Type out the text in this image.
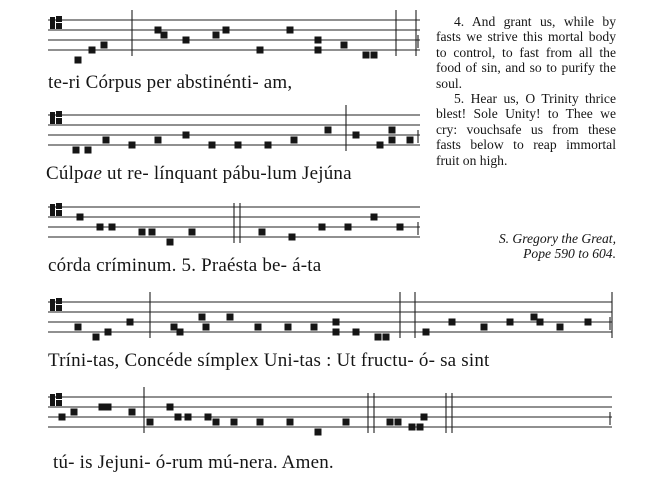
te-ri Córpus per abstinénti- am,
Cúlpae ut re- línquant pábu-lum Jejúna
córda críminum. 5. Praésta be- á-ta
Tríni-tas, Concéde símplex Uni-tas : Ut fructu- ó- sa sint
tú- is Jejuni- ó-rum mú-nera. Amen.

4. And grant us, while by fasts we strive this mortal body to control, to fast from all the food of sin, and so to purify the soul.

5. Hear us, O Trinity thrice blest! Sole Unity! to Thee we cry: vouchsafe us from these fasts below to reap immortal fruit on high.

S. Gregory the Great,
Pope 590 to 604.
